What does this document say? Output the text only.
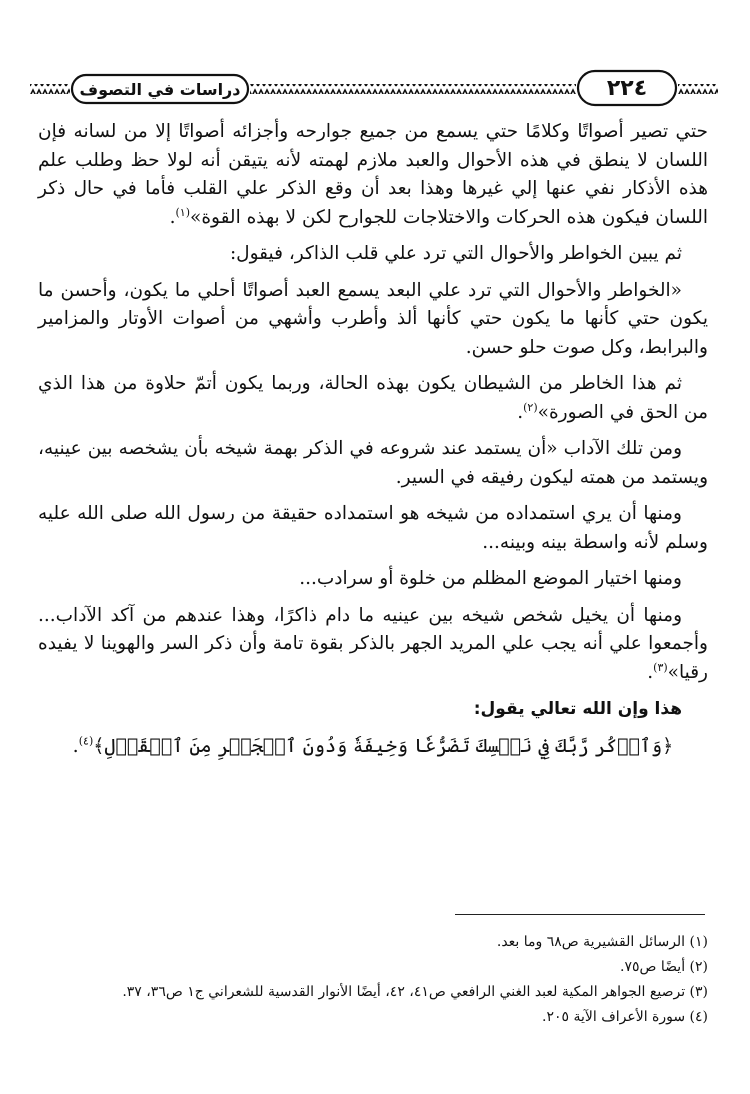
٢٢٤
دراسات في التصوف

حتي تصير أصواتًا وكلامًا حتي يسمع من جميع جوارحه وأجزائه أصواتًا إلا من لسانه فإن اللسان لا ينطق في هذه الأحوال والعبد ملازم لهمته لأنه يتيقن أنه لولا حظ وطلب علم هذه الأذكار نفي عنها إلي غيرها وهذا بعد أن وقع الذكر علي القلب فأما في حال ذكر اللسان فيكون هذه الحركات والاختلاجات للجوارح لكن لا بهذه القوة»$^{(١)}$.

ثم يبين الخواطر والأحوال التي ترد علي قلب الذاكر، فيقول:

«الخواطر والأحوال التي ترد علي البعد يسمع العبد أصواتًا أحلي ما يكون، وأحسن ما يكون حتي كأنها ما يكون حتي كأنها ألذ وأطرب وأشهي من أصوات الأوتار والمزامير والبرابط، وكل صوت حلو حسن.

ثم هذا الخاطر من الشيطان يكون بهذه الحالة، وربما يكون أتمّ حلاوة من هذا الذي من الحق في الصورة»$^{(٢)}$.

ومن تلك الآداب «أن يستمد عند شروعه في الذكر بهمة شيخه بأن يشخصه بين عينيه، ويستمد من همته ليكون رفيقه في السير.

ومنها أن يري استمداده من شيخه هو استمداده حقيقة من رسول الله صلى الله عليه وسلم لأنه واسطة بينه وبينه...

ومنها اختيار الموضع المظلم من خلوة أو سرادب...

ومنها أن يخيل شخص شيخه بين عينيه ما دام ذاكرًا، وهذا عندهم من آكد الآداب... وأجمعوا علي أنه يجب علي المريد الجهر بالذكر بقوة تامة وأن ذكر السر والهوينا لا يفيده رقيا»$^{(٣)}$.

هذا وإن الله تعالي يقول:

﴿وَٱذۡكُر رَّبَّكَ فِي نَفۡسِكَ تَضَرُّعٗا وَخِيفَةٗ وَدُونَ ٱلۡجَهۡرِ مِنَ ٱلۡقَوۡلِ﴾$^{(٤)}$.

(١) الرسائل القشيرية ص٦٨ وما بعد.

(٢) أيضًا ص٧٥.

(٣) ترصيع الجواهر المكية لعبد الغني الرافعي ص٤١، ٤٢، أيضًا الأنوار القدسية للشعراني ج١ ص٣٦، ٣٧.

(٤) سورة الأعراف الآية ٢٠٥.
